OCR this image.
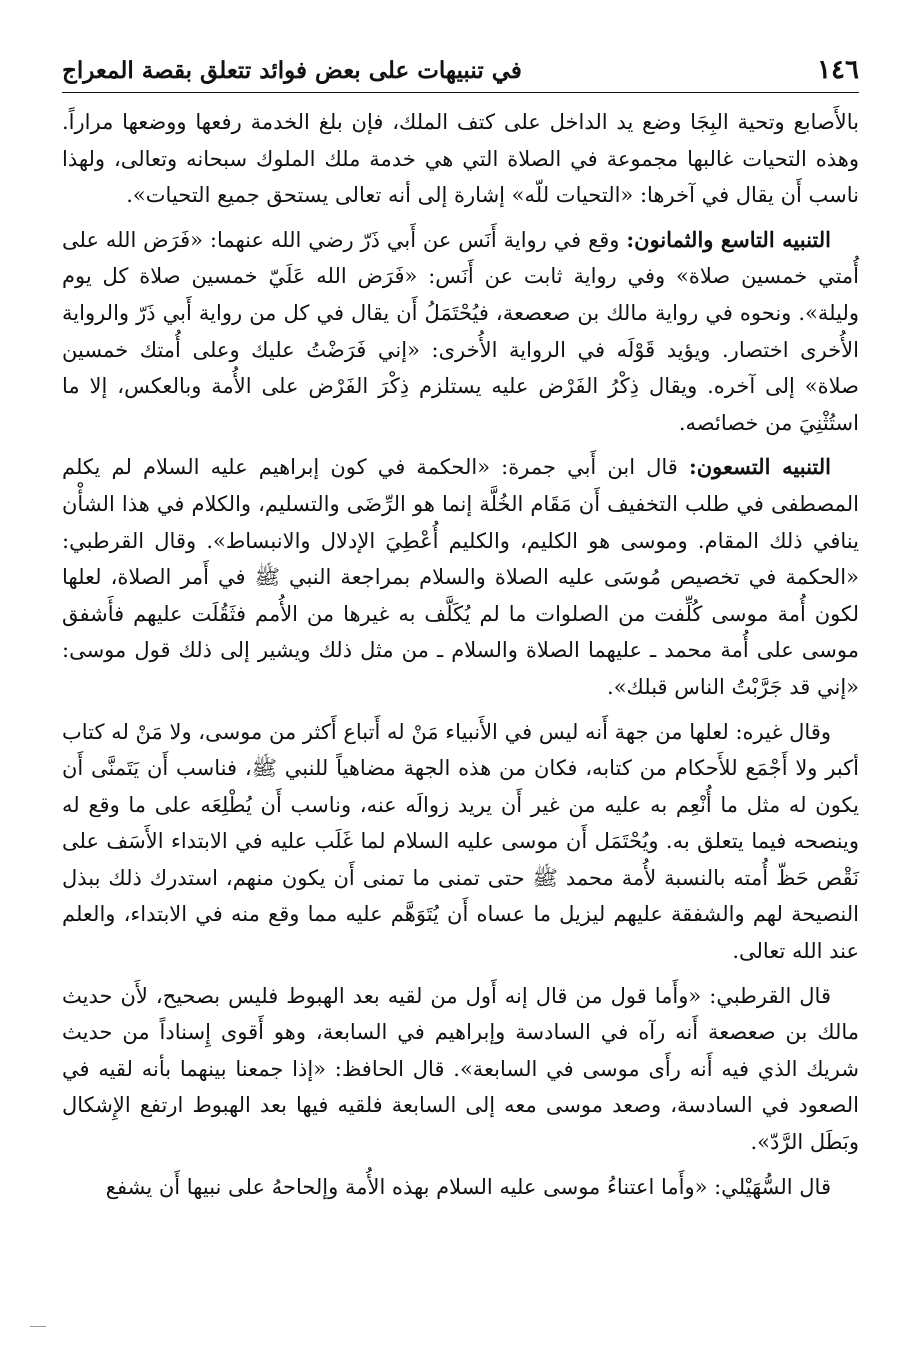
١٤٦
في تنبيهات على بعض فوائد تتعلق بقصة المعراج

بالأَصابع وتحية البِجَا وضع يد الداخل على كتف الملك، فإن بلغ الخدمة رفعها ووضعها مراراً. وهذه التحيات غالبها مجموعة في الصلاة التي هي خدمة ملك الملوك سبحانه وتعالى، ولهذا ناسب أَن يقال في آخرها: «التحيات للّه» إشارة إلى أنه تعالى يستحق جميع التحيات».

التنبيه التاسع والثمانون: وقع في رواية أَنَس عن أَبي ذَرّ رضي الله عنهما: «فَرَض الله على أُمتي خمسين صلاة» وفي رواية ثابت عن أَنَس: «فَرَض الله عَلَيّ خمسين صلاة كل يوم وليلة». ونحوه في رواية مالك بن صعصعة، فيُحْتَمَلُ أَن يقال في كل من رواية أَبي ذَرّ والرواية الأُخرى اختصار. ويؤيد قَوْلَه في الرواية الأُخرى: «إني فَرَضْتُ عليك وعلى أُمتك خمسين صلاة» إلى آخره. ويقال ذِكْرُ الفَرْض عليه يستلزم ذِكْرَ الفَرْض على الأُمة وبالعكس، إلا ما استُثْنِيَ من خصائصه.

التنبيه التسعون: قال ابن أَبي جمرة: «الحكمة في كون إبراهيم عليه السلام لم يكلم المصطفى في طلب التخفيف أَن مَقَام الخُلَّة إنما هو الرِّضَى والتسليم، والكلام في هذا الشأْن ينافي ذلك المقام. وموسى هو الكليم، والكليم أُعْطِيَ الإدلال والانبساط». وقال القرطبي: «الحكمة في تخصيص مُوسَى عليه الصلاة والسلام بمراجعة النبي ﷺ في أَمر الصلاة، لعلها لكون أُمة موسى كُلِّفت من الصلوات ما لم يُكَلَّف به غيرها من الأُمم فثَقُلَت عليهم فأَشفق موسى على أُمة محمد ـ عليهما الصلاة والسلام ـ من مثل ذلك ويشير إلى ذلك قول موسى: «إني قد جَرَّبْتُ الناس قبلك».

وقال غيره: لعلها من جهة أَنه ليس في الأَنبياء مَنْ له أَتباع أَكثر من موسى، ولا مَنْ له كتاب أكبر ولا أَجْمَع للأَحكام من كتابه، فكان من هذه الجهة مضاهياً للنبي ﷺ، فناسب أَن يَتَمنَّى أَن يكون له مثل ما أُنْعِم به عليه من غير أَن يريد زوالَه عنه، وناسب أَن يُطْلِعَه على ما وقع له وينصحه فيما يتعلق به. ويُحْتَمَل أَن موسى عليه السلام لما غَلَب عليه في الابتداء الأَسَف على نَقْص حَظّ أُمته بالنسبة لأُمة محمد ﷺ حتى تمنى ما تمنى أَن يكون منهم، استدرك ذلك ببذل النصيحة لهم والشفقة عليهم ليزيل ما عساه أَن يُتَوَهَّم عليه مما وقع منه في الابتداء، والعلم عند الله تعالى.

قال القرطبي: «وأَما قول من قال إنه أَول من لقيه بعد الهبوط فليس بصحيح، لأَن حديث مالك بن صعصعة أَنه رآه في السادسة وإبراهيم في السابعة، وهو أَقوى إِسناداً من حديث شريك الذي فيه أَنه رأَى موسى في السابعة». قال الحافظ: «إذا جمعنا بينهما بأنه لقيه في الصعود في السادسة، وصعد موسى معه إلى السابعة فلقيه فيها بعد الهبوط ارتفع الإِشكال وبَطَل الرَّدّ».

قال السُّهَيْلي: «وأَما اعتناءُ موسى عليه السلام بهذه الأُمة وإلحاحهُ على نبيها أَن يشفع
